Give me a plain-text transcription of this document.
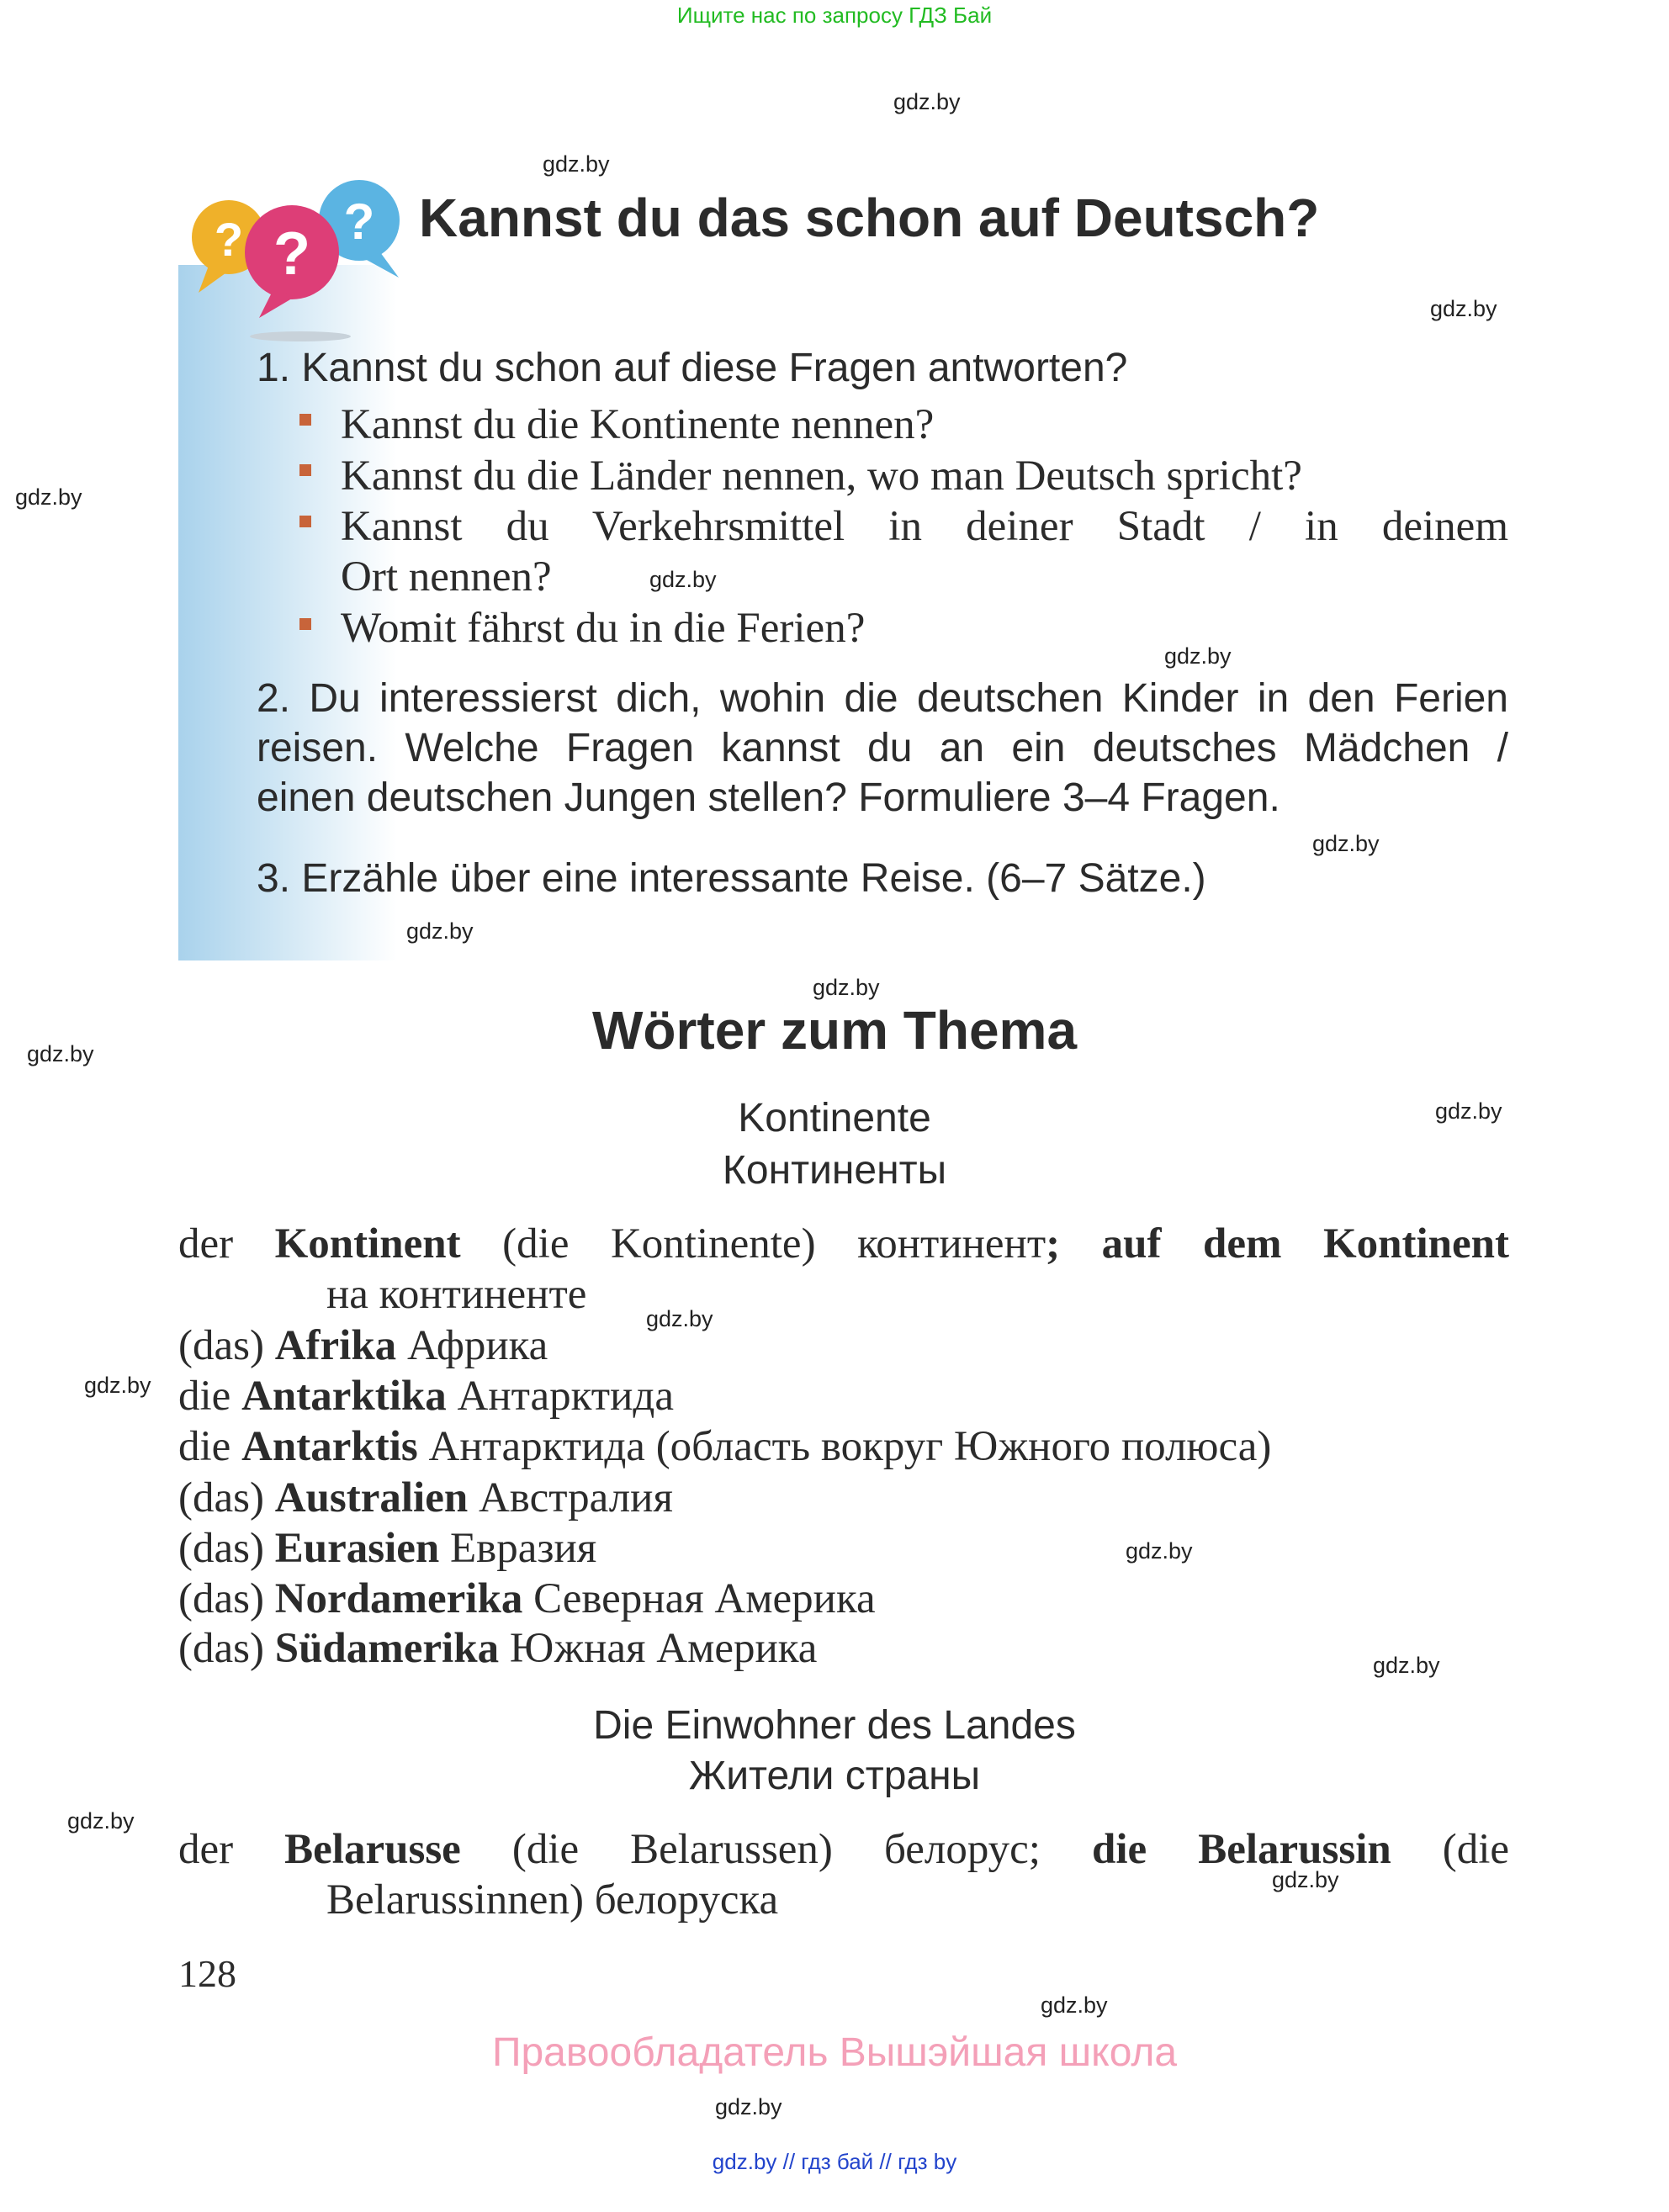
Ищите нас по запросу ГДЗ Бай
gdz.by
gdz.by
gdz.by
gdz.by
gdz.by
gdz.by
gdz.by
gdz.by
gdz.by
gdz.by
gdz.by
gdz.by
gdz.by
gdz.by
gdz.by
gdz.by
gdz.by
gdz.by
gdz.by
?
? ?
Kannst du das schon auf Deutsch?
1. Kannst du schon auf diese Fragen antworten?
Kannst du die Kontinente nennen?
Kannst du die Länder nennen, wo man Deutsch spricht?
Kannst du Verkehrsmittel in deiner Stadt / in deinem
Ort nennen?
Womit fährst du in die Ferien?
2. Du interessierst dich, wohin die deutschen Kinder in den Ferien
reisen. Welche Fragen kannst du an ein deutsches Mädchen /
einen deutschen Jungen stellen? Formuliere 3–4 Fragen.
3. Erzähle über eine interessante Reise. (6–7 Sätze.)
Wörter zum Thema
Kontinente
Континенты
der Kontinent (die Kontinente) континент; auf dem Kontinent
на континенте
(das) Afrika Африка
die Antarktika Антарктида
die Antarktis Антарктида (область вокруг Южного полюса)
(das) Australien Австралия
(das) Eurasien Евразия
(das) Nordamerika Северная Америка
(das) Südamerika Южная Америка
Die Einwohner des Landes
Жители страны
der Belarusse (die Belarussen) белорус; die Belarussin (die
Belarussinnen) белоруска
128
Правообладатель Вышэйшая школа
gdz.by // гдз бай // гдз by
